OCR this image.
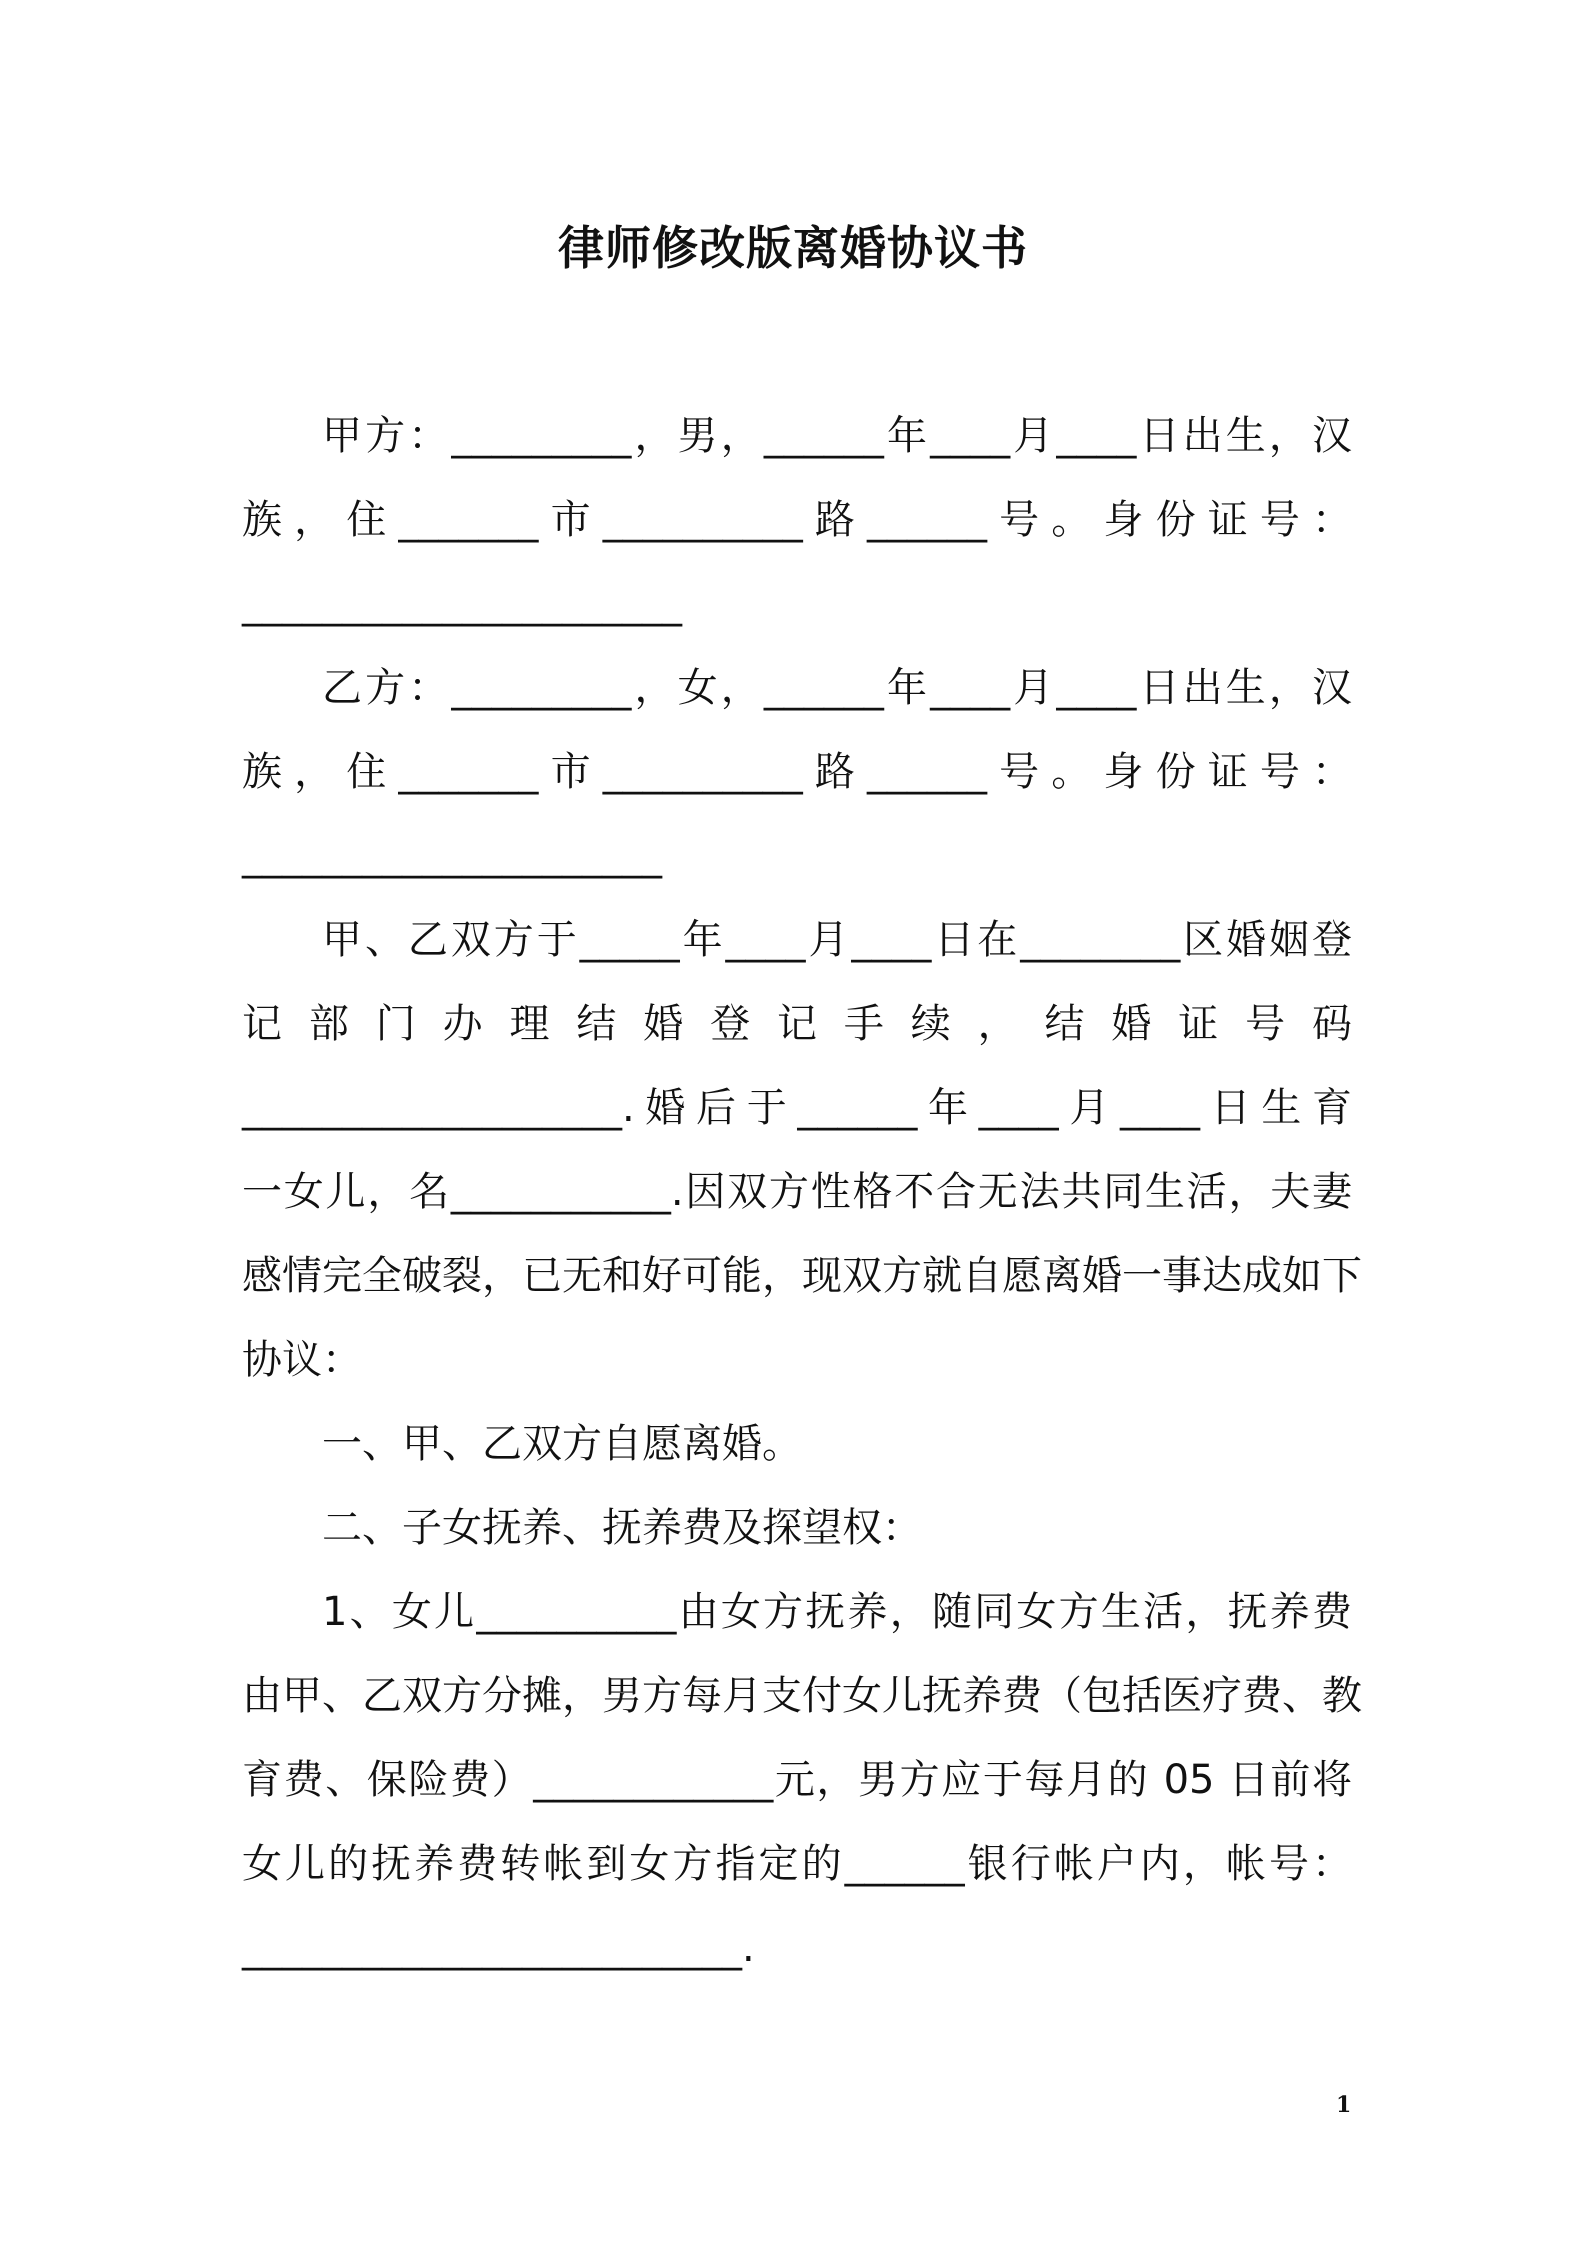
律师修改版离婚协议书
甲方：_________，男，______年____月____日出生，汉
族，住_______市__________路______号。身份证号：
______________________
乙方：_________，女，______年____月____日出生，汉
族，住_______市__________路______号。身份证号：
_____________________
甲、乙双方于_____年____月____日在________区婚姻登
记部门办理结婚登记手续，结婚证号码
___________________.婚后于______年____月____日生育
一女儿，名___________.因双方性格不合无法共同生活，夫妻
感情完全破裂，已无和好可能，现双方就自愿离婚一事达成如下
协议：
一、甲、乙双方自愿离婚。
二、子女抚养、抚养费及探望权：
1、女儿__________由女方抚养，随同女方生活，抚养费
由甲、乙双方分摊，男方每月支付女儿抚养费（包括医疗费、教
育费、保险费）____________元，男方应于每月的 05 日前将
女儿的抚养费转帐到女方指定的______银行帐户内，帐号：
_________________________.
1
